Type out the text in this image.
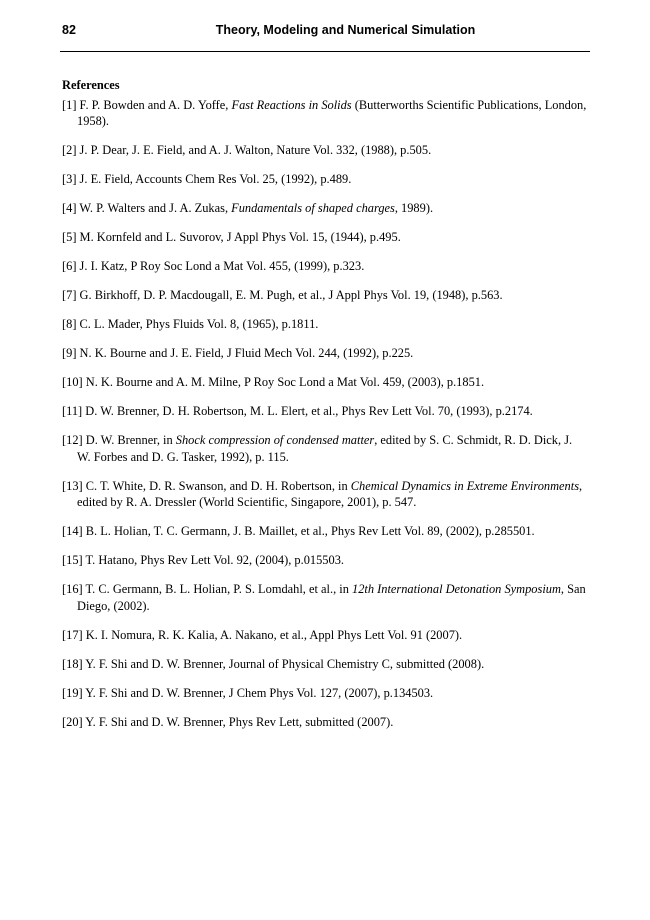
82	Theory, Modeling and Numerical Simulation
References
[1] F. P. Bowden and A. D. Yoffe, Fast Reactions in Solids (Butterworths Scientific Publications, London, 1958).
[2] J. P. Dear, J. E. Field, and A. J. Walton, Nature Vol. 332, (1988), p.505.
[3] J. E. Field, Accounts Chem Res Vol. 25, (1992), p.489.
[4] W. P. Walters and J. A. Zukas, Fundamentals of shaped charges, 1989).
[5] M. Kornfeld and L. Suvorov, J Appl Phys Vol. 15, (1944), p.495.
[6] J. I. Katz, P Roy Soc Lond a Mat Vol. 455, (1999), p.323.
[7] G. Birkhoff, D. P. Macdougall, E. M. Pugh, et al., J Appl Phys Vol. 19, (1948), p.563.
[8] C. L. Mader, Phys Fluids Vol. 8, (1965), p.1811.
[9] N. K. Bourne and J. E. Field, J Fluid Mech Vol. 244, (1992), p.225.
[10] N. K. Bourne and A. M. Milne, P Roy Soc Lond a Mat Vol. 459, (2003), p.1851.
[11] D. W. Brenner, D. H. Robertson, M. L. Elert, et al., Phys Rev Lett Vol. 70, (1993), p.2174.
[12] D. W. Brenner, in Shock compression of condensed matter, edited by S. C. Schmidt, R. D. Dick, J. W. Forbes and D. G. Tasker, 1992), p. 115.
[13] C. T. White, D. R. Swanson, and D. H. Robertson, in Chemical Dynamics in Extreme Environments, edited by R. A. Dressler (World Scientific, Singapore, 2001), p. 547.
[14] B. L. Holian, T. C. Germann, J. B. Maillet, et al., Phys Rev Lett Vol. 89, (2002), p.285501.
[15] T. Hatano, Phys Rev Lett Vol. 92, (2004), p.015503.
[16] T. C. Germann, B. L. Holian, P. S. Lomdahl, et al., in 12th International Detonation Symposium, San Diego, (2002).
[17] K. I. Nomura, R. K. Kalia, A. Nakano, et al., Appl Phys Lett Vol. 91 (2007).
[18] Y. F. Shi and D. W. Brenner, Journal of Physical Chemistry C, submitted (2008).
[19] Y. F. Shi and D. W. Brenner, J Chem Phys Vol. 127, (2007), p.134503.
[20] Y. F. Shi and D. W. Brenner, Phys Rev Lett, submitted (2007).
